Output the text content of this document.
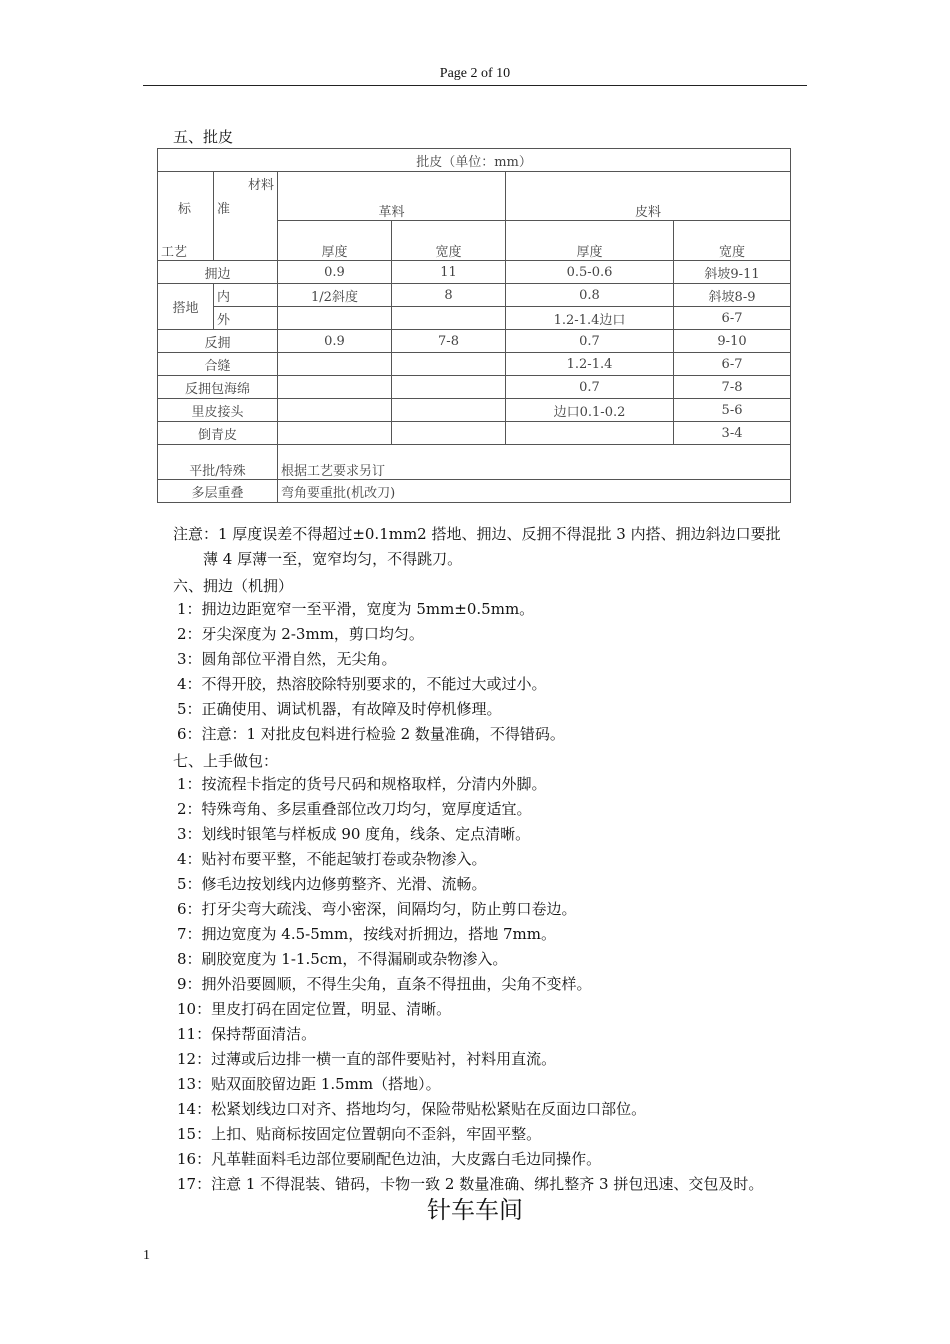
Page 2 of 10
五、批皮
批皮（单位：mm）					
	材料	革料		皮料	
标	准				
工艺		厚度	宽度	厚度	宽度
拥边		0.9	11	0.5-0.6	斜坡9-11
搭地	内	1/2斜度	8	0.8	斜坡8-9
	外			1.2-1.4边口	6-7
反拥		0.9	7-8	0.7	9-10
合缝				1.2-1.4	6-7
反拥包海绵				0.7	7-8
里皮接头				边口0.1-0.2	5-6
倒青皮					3-4
平批/特殊		根据工艺要求另订			
多层重叠		弯角要重批(机改刀)			
注意：1 厚度误差不得超过±0.1mm2 搭地、拥边、反拥不得混批 3 内搭、拥边斜边口要批
薄 4 厚薄一至，宽窄均匀，不得跳刀。
六、拥边（机拥）
1：拥边边距宽窄一至平滑，宽度为 5mm±0.5mm。
2：牙尖深度为 2-3mm，剪口均匀。
3：圆角部位平滑自然，无尖角。
4：不得开胶，热溶胶除特别要求的，不能过大或过小。
5：正确使用、调试机器，有故障及时停机修理。
6：注意：1 对批皮包料进行检验 2 数量准确，不得错码。
七、上手做包：
1：按流程卡指定的货号尺码和规格取样，分清内外脚。
2：特殊弯角、多层重叠部位改刀均匀，宽厚度适宜。
3：划线时银笔与样板成 90 度角，线条、定点清晰。
4：贴衬布要平整，不能起皱打卷或杂物渗入。
5：修毛边按划线内边修剪整齐、光滑、流畅。
6：打牙尖弯大疏浅、弯小密深，间隔均匀，防止剪口卷边。
7：拥边宽度为 4.5-5mm，按线对折拥边，搭地 7mm。
8：刷胶宽度为 1-1.5cm，不得漏刷或杂物渗入。
9：拥外沿要圆顺，不得生尖角，直条不得扭曲，尖角不变样。
10：里皮打码在固定位置，明显、清晰。
11：保持帮面清洁。
12：过薄或后边排一横一直的部件要贴衬，衬料用直流。
13：贴双面胶留边距 1.5mm（搭地）。
14：松紧划线边口对齐、搭地均匀，保险带贴松紧贴在反面边口部位。
15：上扣、贴商标按固定位置朝向不歪斜，牢固平整。
16：凡革鞋面料毛边部位要刷配色边油，大皮露白毛边同操作。
17：注意 1 不得混装、错码，卡物一致 2 数量准确、绑扎整齐 3 拼包迅速、交包及时。
针车车间
1
